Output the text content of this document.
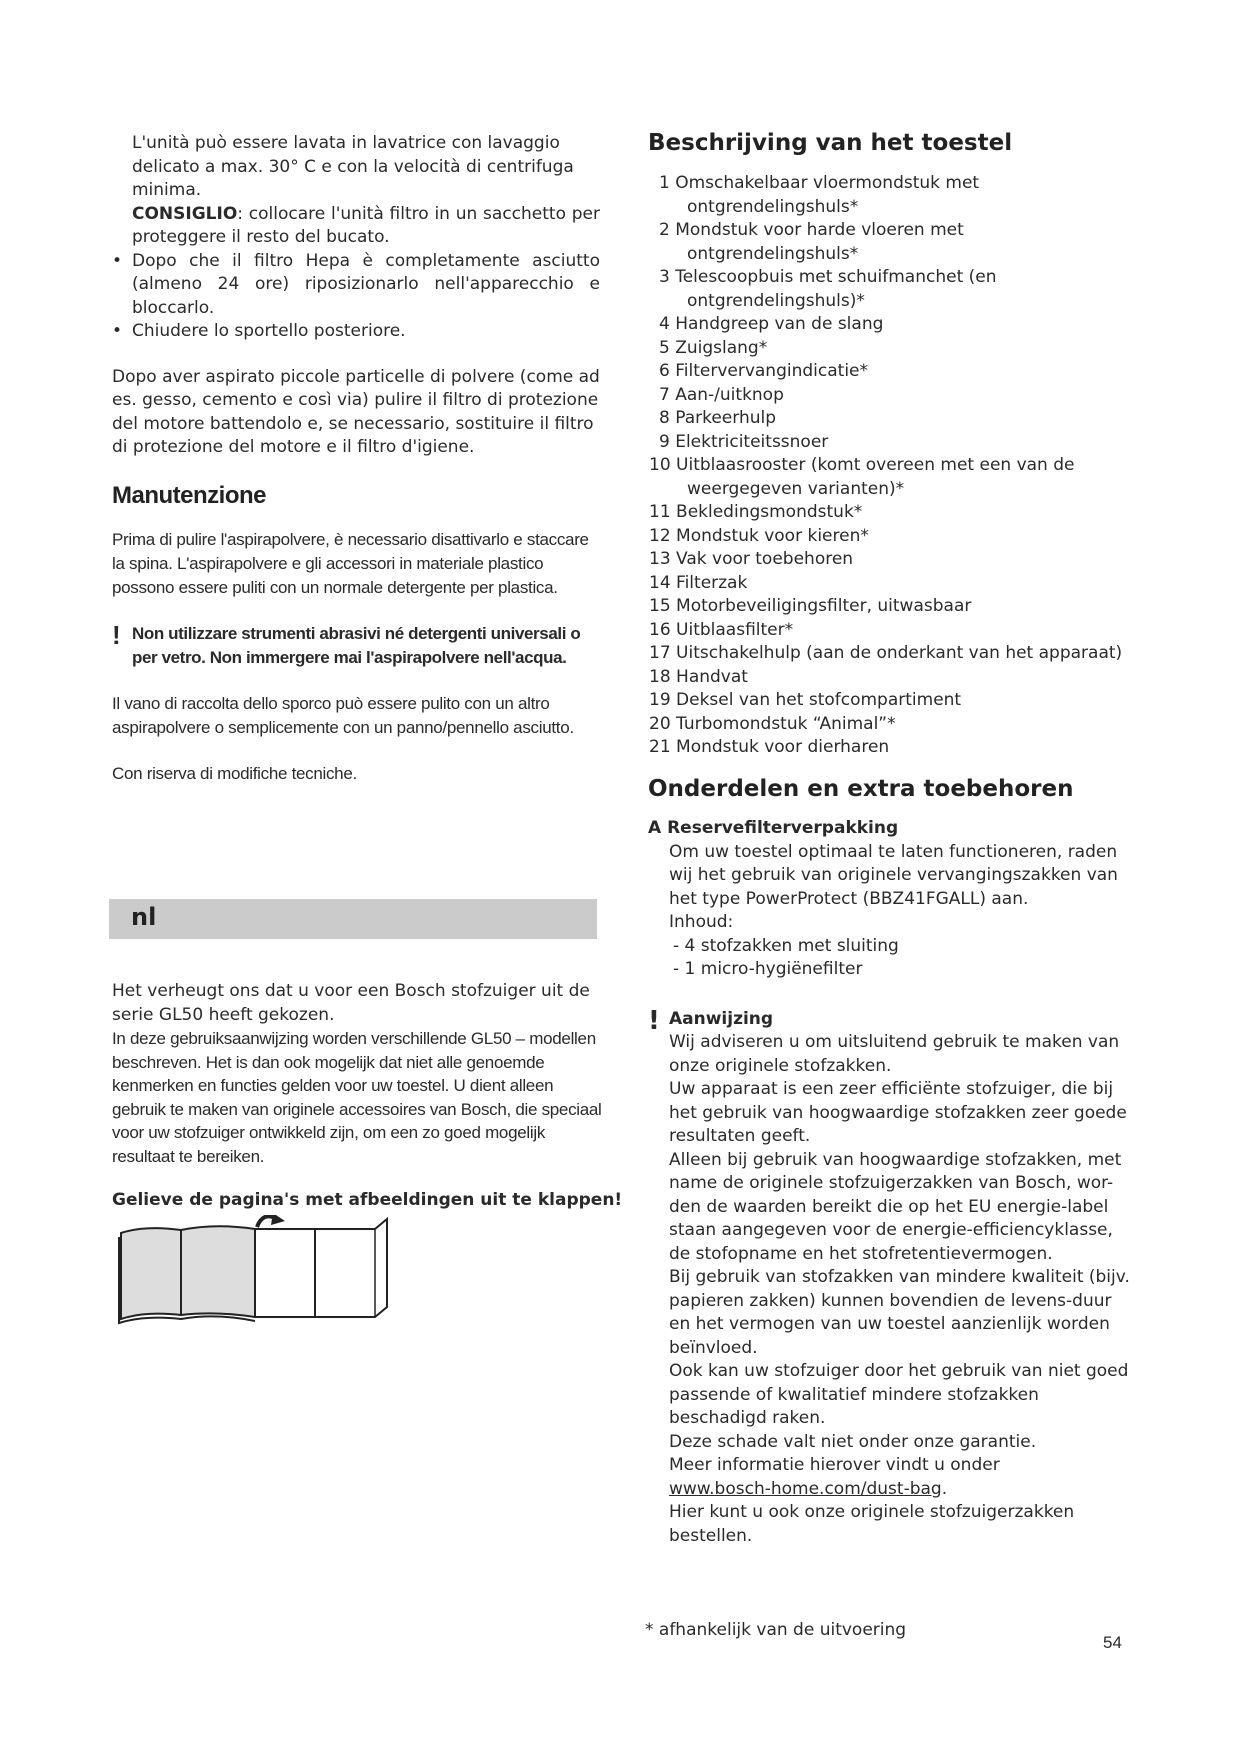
L'unità può essere lavata in lavatrice con lavaggio delicato a max. 30° C e con la velocità di centrifuga minima.

CONSIGLIO: collocare l'unità filtro in un sacchetto per proteggere il resto del bucato.

• Dopo che il filtro Hepa è completamente asciutto (almeno 24 ore) riposizionarlo nell'apparecchio e bloccarlo.

• Chiudere lo sportello posteriore.

Dopo aver aspirato piccole particelle di polvere (come ad es. gesso, cemento e così via) pulire il filtro di protezione del motore battendolo e, se necessario, sostituire il filtro di protezione del motore e il filtro d'igiene.

Manutenzione

Prima di pulire l'aspirapolvere, è necessario disattivarlo e staccare la spina. L'aspirapolvere e gli accessori in materiale plastico possono essere puliti con un normale detergente per plastica.

! Non utilizzare strumenti abrasivi né detergenti universali o per vetro. Non immergere mai l'aspirapolvere nell'acqua.

Il vano di raccolta dello sporco può essere pulito con un altro aspirapolvere o semplicemente con un panno/pennello asciutto.

Con riserva di modifiche tecniche.

nl

Het verheugt ons dat u voor een Bosch stofzuiger uit de serie GL50 heeft gekozen.

In deze gebruiksaanwijzing worden verschillende GL50 – modellen beschreven. Het is dan ook mogelijk dat niet alle genoemde kenmerken en functies gelden voor uw toestel. U dient alleen gebruik te maken van originele accessoires van Bosch, die speciaal voor uw stofzuiger ontwikkeld zijn, om een zo goed mogelijk resultaat te bereiken.

Gelieve de pagina's met afbeeldingen uit te klappen!

Beschrijving van het toestel
1 Omschakelbaar vloermondstuk met ontgrendelingshuls*
2 Mondstuk voor harde vloeren met ontgrendelingshuls*
3 Telescoopbuis met schuifmanchet (en ontgrendelingshuls)*
4 Handgreep van de slang
5 Zuigslang*
6 Filtervervangindicatie*
7 Aan-/uitknop
8 Parkeerhulp
9 Elektriciteitssnoer
10 Uitblaasrooster (komt overeen met een van de weergegeven varianten)*
11 Bekledingsmondstuk*
12 Mondstuk voor kieren*
13 Vak voor toebehoren
14 Filterzak
15 Motorbeveiligingsfilter, uitwasbaar
16 Uitblaasfilter*
17 Uitschakelhulp (aan de onderkant van het apparaat)
18 Handvat
19 Deksel van het stofcompartiment
20 Turbomondstuk “Animal”*
21 Mondstuk voor dierharen
Onderdelen en extra toebehoren
A Reservefilterverpakking

Om uw toestel optimaal te laten functioneren, raden wij het gebruik van originele vervangingszakken van het type PowerProtect (BBZ41FGALL) aan.

Inhoud:

- 4 stofzakken met sluiting

- 1 micro-hygiënefilter

! Aanwijzing

Wij adviseren u om uitsluitend gebruik te maken van onze originele stofzakken.

Uw apparaat is een zeer efficiënte stofzuiger, die bij het gebruik van hoogwaardige stofzakken zeer goede resultaten geeft.

Alleen bij gebruik van hoogwaardige stofzakken, met name de originele stofzuigerzakken van Bosch, wor-den de waarden bereikt die op het EU energie-label staan aangegeven voor de energie-efficiencyklasse, de stofopname en het stofretentievermogen.

Bij gebruik van stofzakken van mindere kwaliteit (bijv. papieren zakken) kunnen bovendien de levens-duur en het vermogen van uw toestel aanzienlijk worden beïnvloed.

Ook kan uw stofzuiger door het gebruik van niet goed passende of kwalitatief mindere stofzakken beschadigd raken.

Deze schade valt niet onder onze garantie.

Meer informatie hierover vindt u onder

www.bosch-home.com/dust-bag.

Hier kunt u ook onze originele stofzuigerzakken bestellen.

* afhankelijk van de uitvoering
54
